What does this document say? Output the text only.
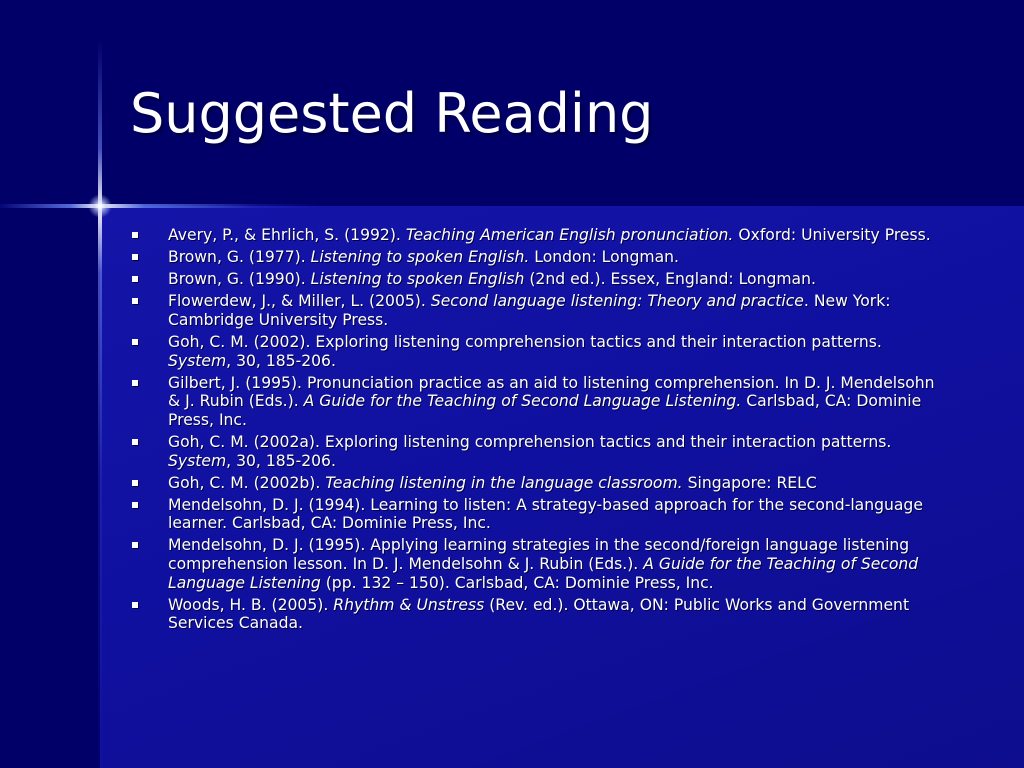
Suggested Reading
Avery, P., & Ehrlich, S. (1992). Teaching American English pronunciation. Oxford: University Press.
Brown, G. (1977). Listening to spoken English. London: Longman.
Brown, G. (1990). Listening to spoken English (2nd ed.). Essex, England: Longman.
Flowerdew, J., & Miller, L. (2005). Second language listening: Theory and practice. New York: Cambridge University Press.
Goh, C. M. (2002). Exploring listening comprehension tactics and their interaction patterns. System, 30, 185-206.
Gilbert, J. (1995). Pronunciation practice as an aid to listening comprehension. In D. J. Mendelsohn & J. Rubin (Eds.). A Guide for the Teaching of Second Language Listening. Carlsbad, CA: Dominie Press, Inc.
Goh, C. M. (2002a). Exploring listening comprehension tactics and their interaction patterns. System, 30, 185-206.
Goh, C. M. (2002b). Teaching listening in the language classroom. Singapore: RELC
Mendelsohn, D. J. (1994). Learning to listen: A strategy-based approach for the second-language learner. Carlsbad, CA: Dominie Press, Inc.
Mendelsohn, D. J. (1995). Applying learning strategies in the second/foreign language listening comprehension lesson. In D. J. Mendelsohn & J. Rubin (Eds.). A Guide for the Teaching of Second Language Listening (pp. 132 – 150). Carlsbad, CA: Dominie Press, Inc.
Woods, H. B. (2005). Rhythm & Unstress (Rev. ed.). Ottawa, ON: Public Works and Government Services Canada.
